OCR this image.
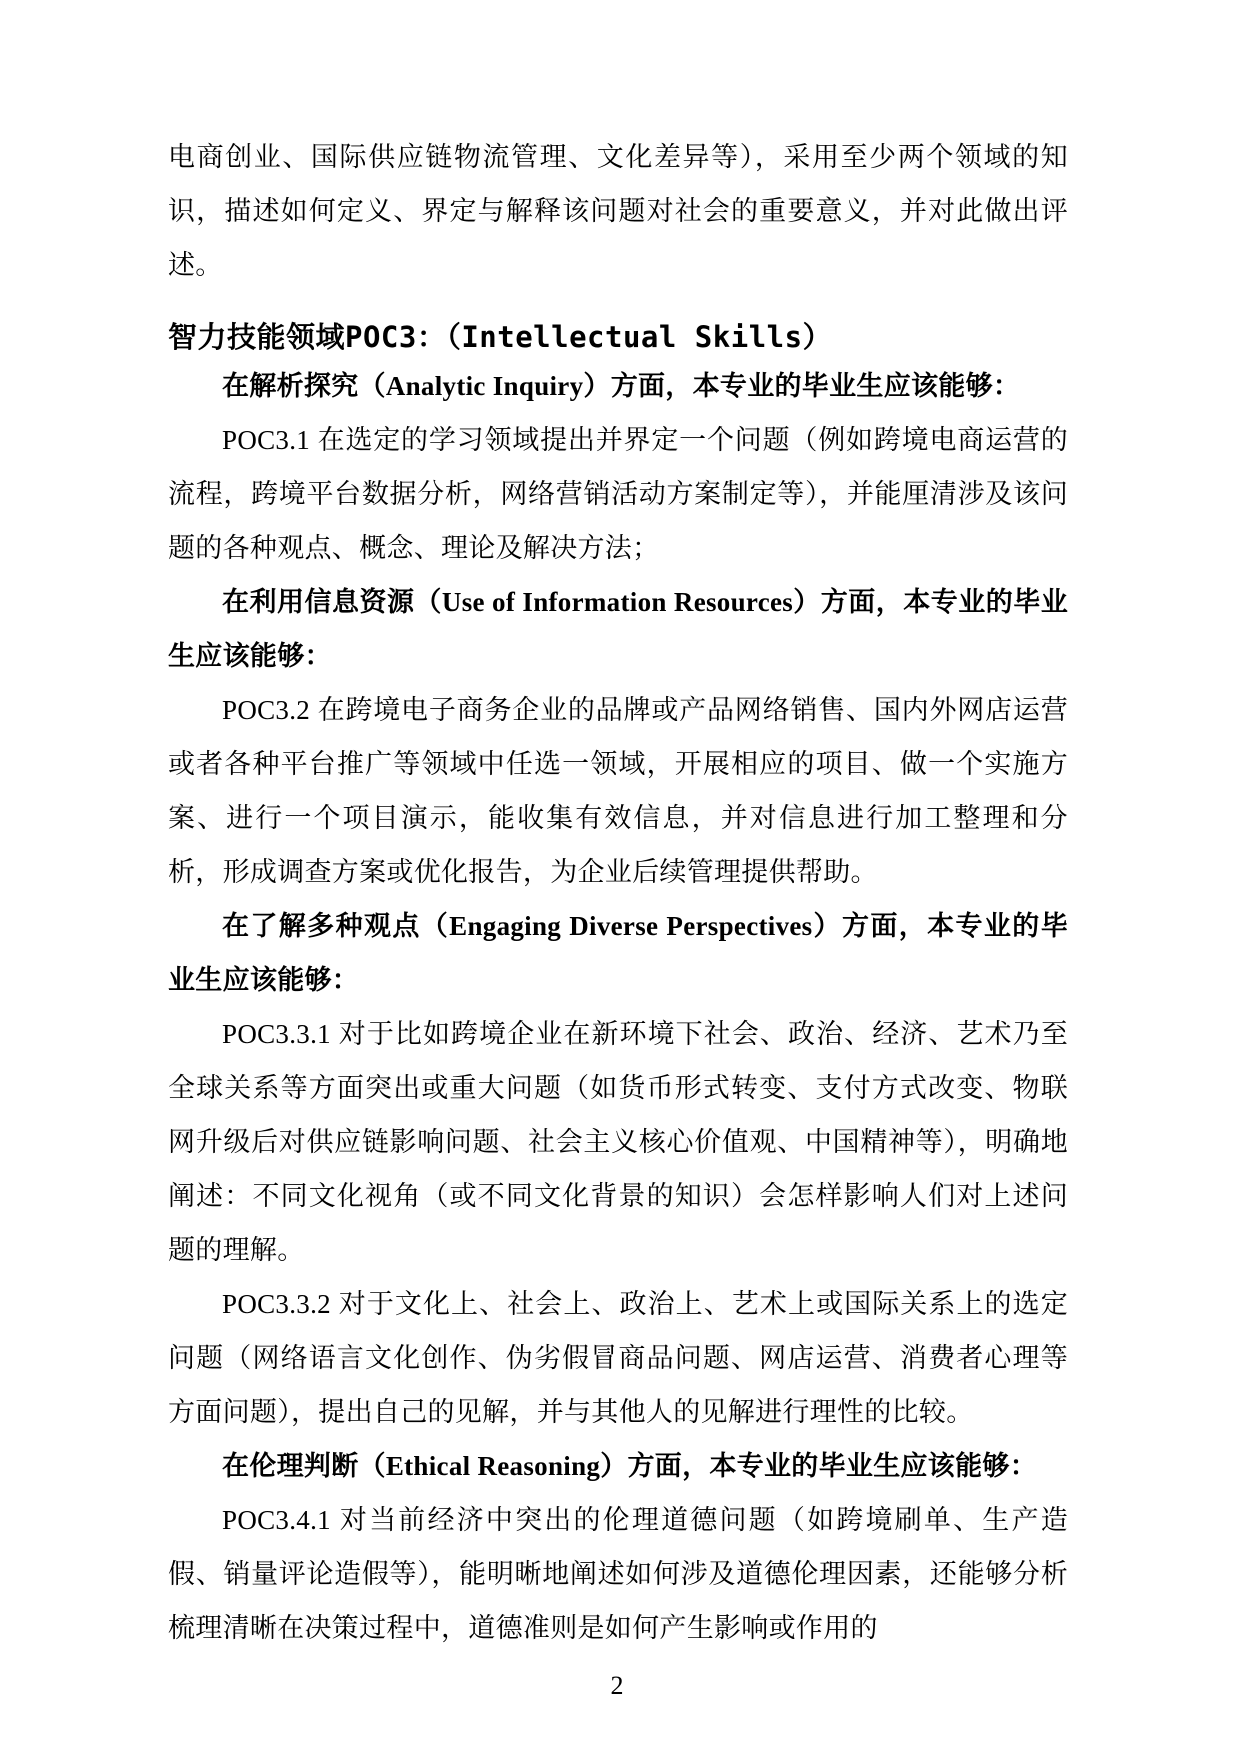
电商创业、国际供应链物流管理、文化差异等），采用至少两个领域的知识，描述如何定义、界定与解释该问题对社会的重要意义，并对此做出评述。

智力技能领域POC3：（Intellectual Skills）

在解析探究（Analytic Inquiry）方面，本专业的毕业生应该能够：

POC3.1 在选定的学习领域提出并界定一个问题（例如跨境电商运营的流程，跨境平台数据分析，网络营销活动方案制定等），并能厘清涉及该问题的各种观点、概念、理论及解决方法；

在利用信息资源（Use of Information Resources）方面，本专业的毕业生应该能够：

POC3.2 在跨境电子商务企业的品牌或产品网络销售、国内外网店运营或者各种平台推广等领域中任选一领域，开展相应的项目、做一个实施方案、进行一个项目演示，能收集有效信息，并对信息进行加工整理和分析，形成调查方案或优化报告，为企业后续管理提供帮助。

在了解多种观点（Engaging Diverse Perspectives）方面，本专业的毕业生应该能够：

POC3.3.1 对于比如跨境企业在新环境下社会、政治、经济、艺术乃至全球关系等方面突出或重大问题（如货币形式转变、支付方式改变、物联网升级后对供应链影响问题、社会主义核心价值观、中国精神等），明确地阐述：不同文化视角（或不同文化背景的知识）会怎样影响人们对上述问题的理解。

POC3.3.2 对于文化上、社会上、政治上、艺术上或国际关系上的选定问题（网络语言文化创作、伪劣假冒商品问题、网店运营、消费者心理等方面问题），提出自己的见解，并与其他人的见解进行理性的比较。

在伦理判断（Ethical Reasoning）方面，本专业的毕业生应该能够：

POC3.4.1 对当前经济中突出的伦理道德问题（如跨境刷单、生产造假、销量评论造假等），能明晰地阐述如何涉及道德伦理因素，还能够分析梳理清晰在决策过程中，道德准则是如何产生影响或作用的

2
